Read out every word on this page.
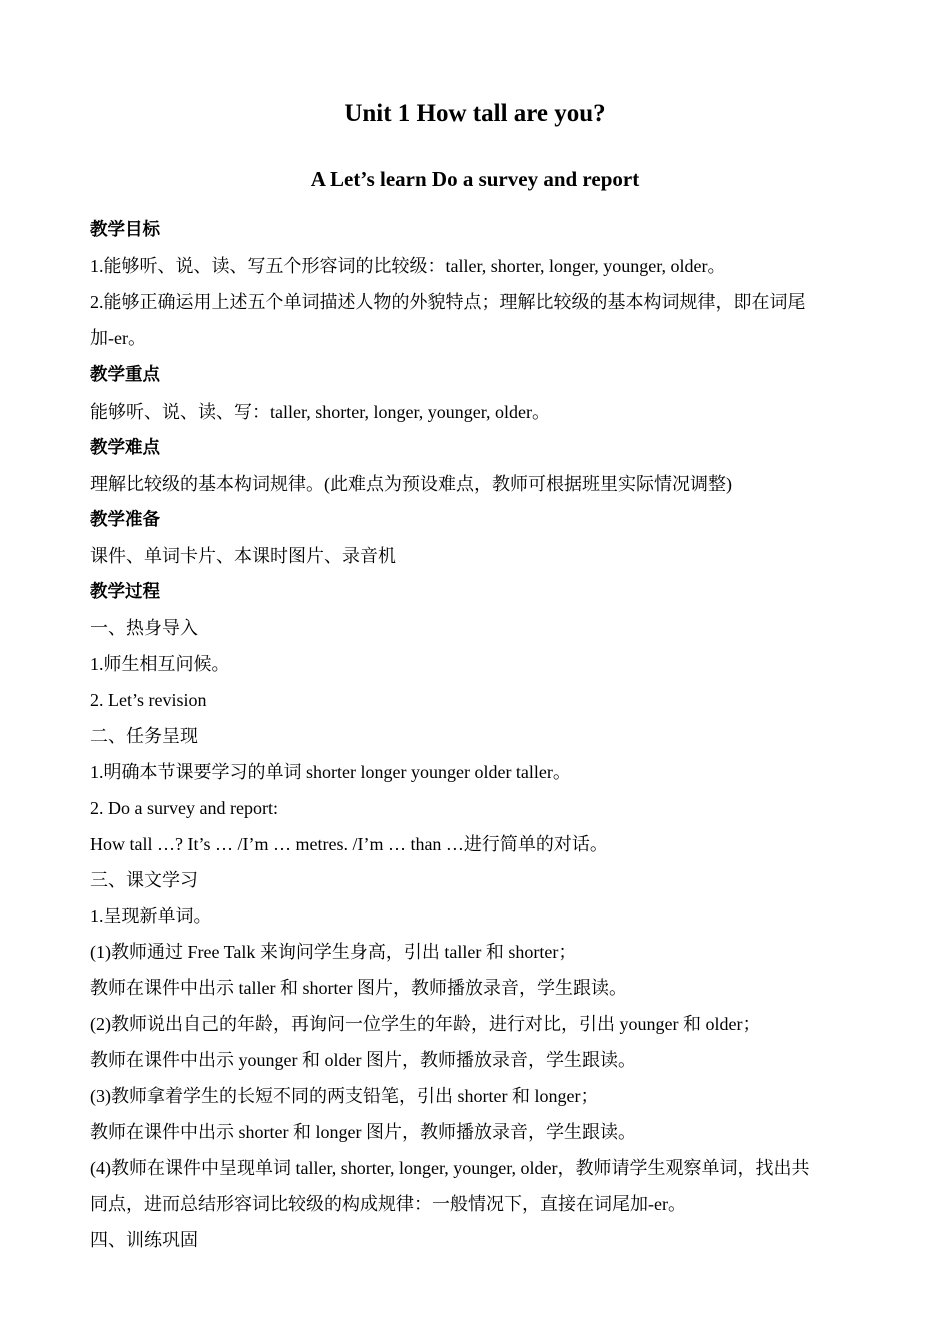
Unit 1 How tall are you?
A Let’s learn Do a survey and report
教学目标
1.能够听、说、读、写五个形容词的比较级：taller, shorter, longer, younger, older。
2.能够正确运用上述五个单词描述人物的外貌特点；理解比较级的基本构词规律，即在词尾
加-er。
教学重点
能够听、说、读、写：taller, shorter, longer, younger, older。
教学难点
理解比较级的基本构词规律。(此难点为预设难点，教师可根据班里实际情况调整)
教学准备
课件、单词卡片、本课时图片、录音机
教学过程
一、热身导入
1.师生相互问候。
2. Let’s revision
二、任务呈现
1.明确本节课要学习的单词 shorter longer younger older taller。
2. Do a survey and report:
How tall …? It’s … /I’m … metres. /I’m … than …进行简单的对话。
三、课文学习
1.呈现新单词。
(1)教师通过 Free Talk 来询问学生身高，引出 taller 和 shorter；
教师在课件中出示 taller 和 shorter 图片，教师播放录音，学生跟读。
(2)教师说出自己的年龄，再询问一位学生的年龄，进行对比，引出 younger 和 older；
教师在课件中出示 younger 和 older 图片，教师播放录音，学生跟读。
(3)教师拿着学生的长短不同的两支铅笔，引出 shorter 和 longer；
教师在课件中出示 shorter 和 longer 图片，教师播放录音，学生跟读。
(4)教师在课件中呈现单词 taller, shorter, longer, younger, older，教师请学生观察单词，找出共
同点，进而总结形容词比较级的构成规律：一般情况下，直接在词尾加-er。
四、训练巩固
